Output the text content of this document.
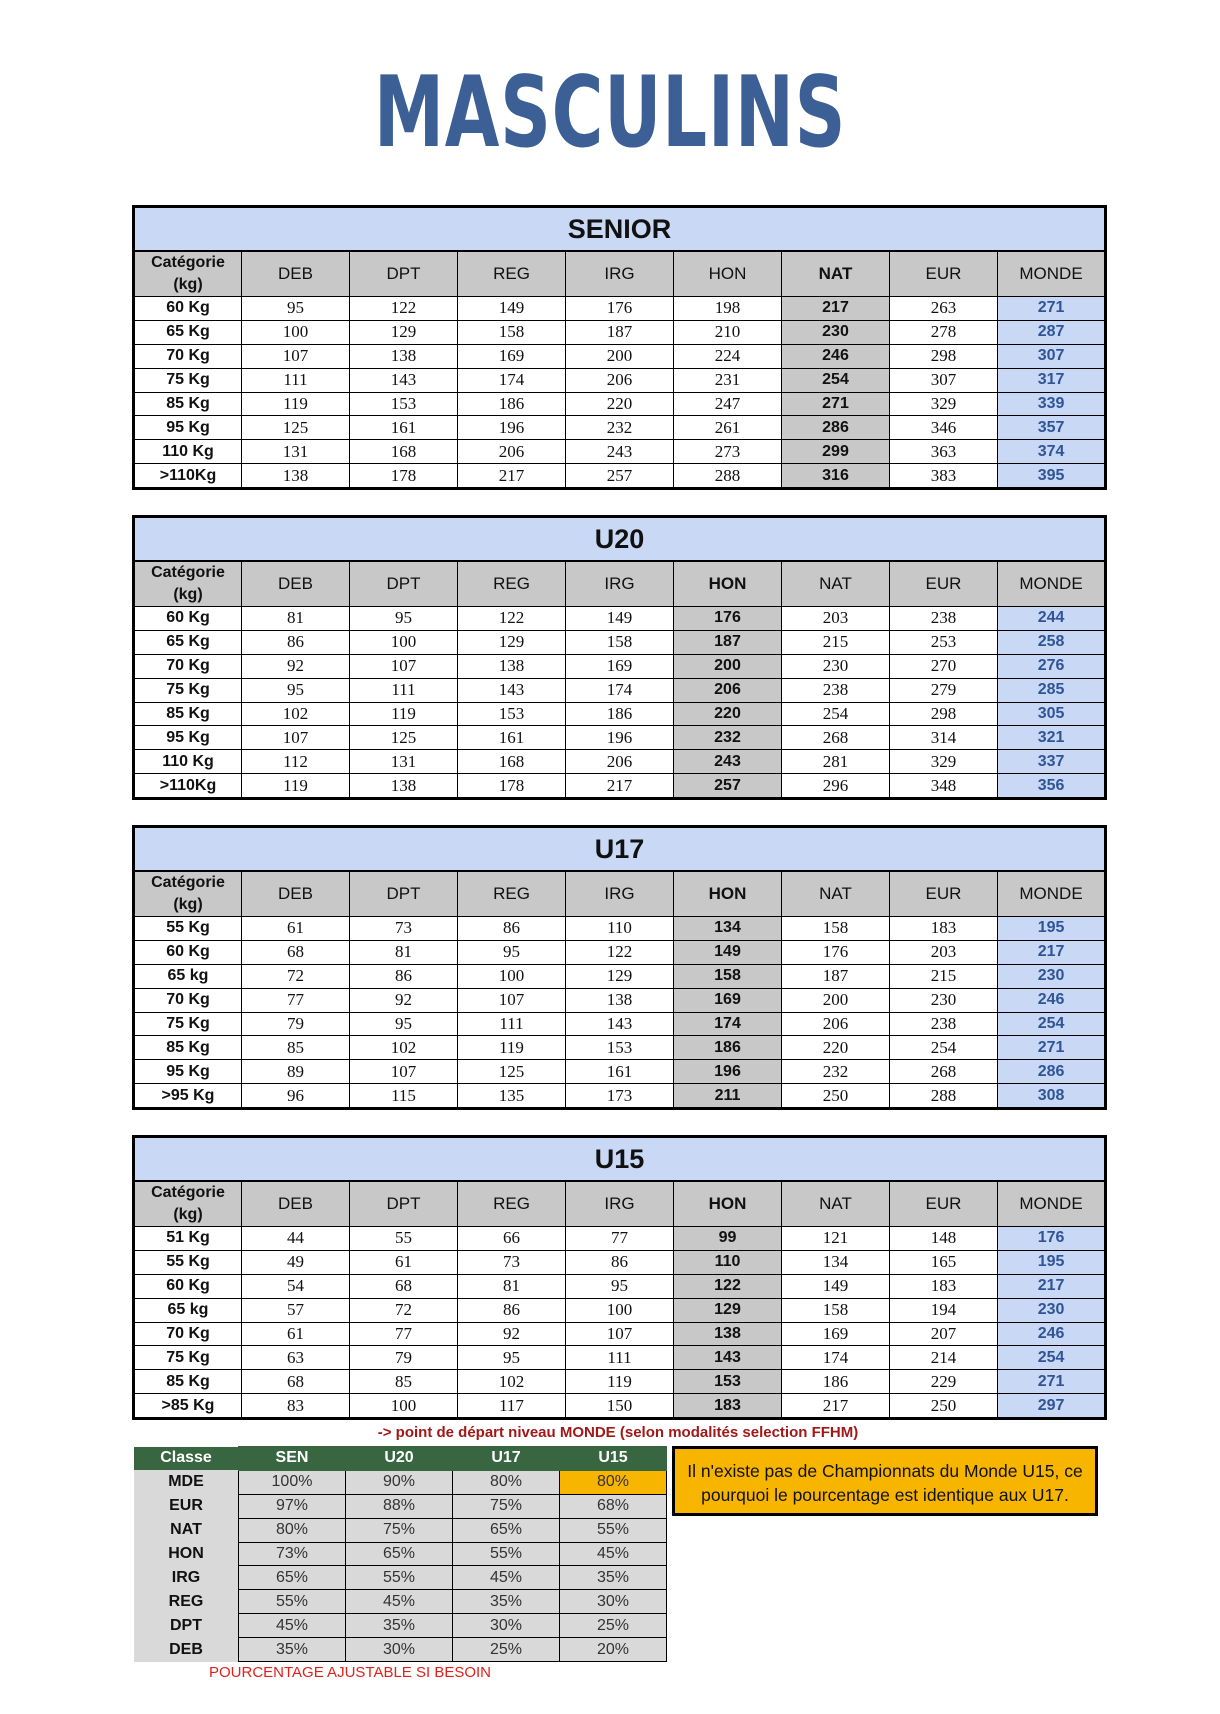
MASCULINS
SENIOR								
Catégorie (kg)	DEB	DPT	REG	IRG	HON	NAT	EUR	MONDE
60 Kg	95	122	149	176	198	217	263	271
65 Kg	100	129	158	187	210	230	278	287
70 Kg	107	138	169	200	224	246	298	307
75 Kg	111	143	174	206	231	254	307	317
85 Kg	119	153	186	220	247	271	329	339
95 Kg	125	161	196	232	261	286	346	357
110 Kg	131	168	206	243	273	299	363	374
>110Kg	138	178	217	257	288	316	383	395
U20								
Catégorie (kg)	DEB	DPT	REG	IRG	HON	NAT	EUR	MONDE
60 Kg	81	95	122	149	176	203	238	244
65 Kg	86	100	129	158	187	215	253	258
70 Kg	92	107	138	169	200	230	270	276
75 Kg	95	111	143	174	206	238	279	285
85 Kg	102	119	153	186	220	254	298	305
95 Kg	107	125	161	196	232	268	314	321
110 Kg	112	131	168	206	243	281	329	337
>110Kg	119	138	178	217	257	296	348	356
U17								
Catégorie (kg)	DEB	DPT	REG	IRG	HON	NAT	EUR	MONDE
55 Kg	61	73	86	110	134	158	183	195
60 Kg	68	81	95	122	149	176	203	217
65 kg	72	86	100	129	158	187	215	230
70 Kg	77	92	107	138	169	200	230	246
75 Kg	79	95	111	143	174	206	238	254
85 Kg	85	102	119	153	186	220	254	271
95 Kg	89	107	125	161	196	232	268	286
>95 Kg	96	115	135	173	211	250	288	308
U15								
Catégorie (kg)	DEB	DPT	REG	IRG	HON	NAT	EUR	MONDE
51 Kg	44	55	66	77	99	121	148	176
55 Kg	49	61	73	86	110	134	165	195
60 Kg	54	68	81	95	122	149	183	217
65 kg	57	72	86	100	129	158	194	230
70 Kg	61	77	92	107	138	169	207	246
75 Kg	63	79	95	111	143	174	214	254
85 Kg	68	85	102	119	153	186	229	271
>85 Kg	83	100	117	150	183	217	250	297
-> point de départ niveau MONDE (selon modalités selection FFHM)
Classe	SEN	U20	U17	U15
MDE	100%	90%	80%	80%
EUR	97%	88%	75%	68%
NAT	80%	75%	65%	55%
HON	73%	65%	55%	45%
IRG	65%	55%	45%	35%
REG	55%	45%	35%	30%
DPT	45%	35%	30%	25%
DEB	35%	30%	25%	20%
Il n'existe pas de Championnats du Monde U15, ce pourquoi le pourcentage est identique aux U17.
POURCENTAGE AJUSTABLE SI BESOIN
